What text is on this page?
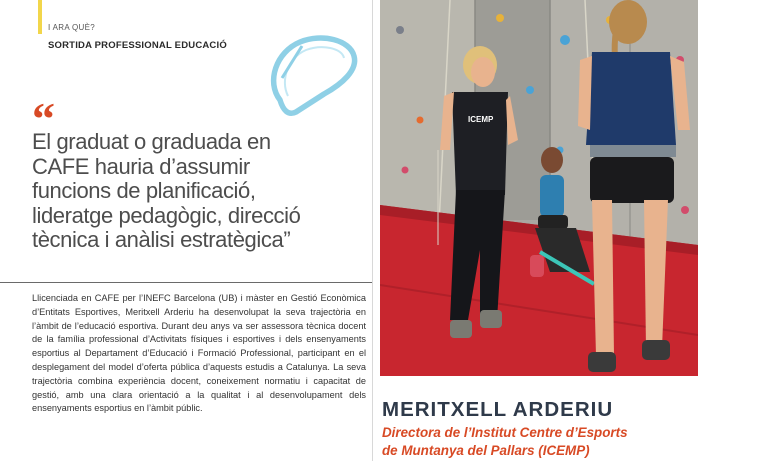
I ARA QUÈ?
SORTIDA PROFESSIONAL EDUCACIÓ
“
El graduat o graduada en
CAFE hauria d’assumir
funcions de planificació,
lideratge pedagògic, direcció
tècnica i anàlisi estratègica”
Llicenciada en CAFE per l’INEFC Barcelona (UB) i màster en Gestió Econòmica d’Entitats Esportives, Meritxell Arderiu ha desenvolupat la seva trajectòria en l’àmbit de l’educació esportiva. Durant deu anys va ser assessora tècnica docent de la família professional d’Activitats físiques i esportives i dels ensenyaments esportius al Departament d’Educació i Formació Professional, participant en el desplegament del model d’oferta pública d’aquests estudis a Catalunya. La seva trajectòria combina experiència docent, coneixement normatiu i capacitat de gestió, amb una clara orientació a la qualitat i al desenvolupament dels ensenyaments esportius en l’àmbit públic.
ICEMP
MERITXELL ARDERIU
Directora de l’Institut Centre d’Esports
de Muntanya del Pallars (ICEMP)
